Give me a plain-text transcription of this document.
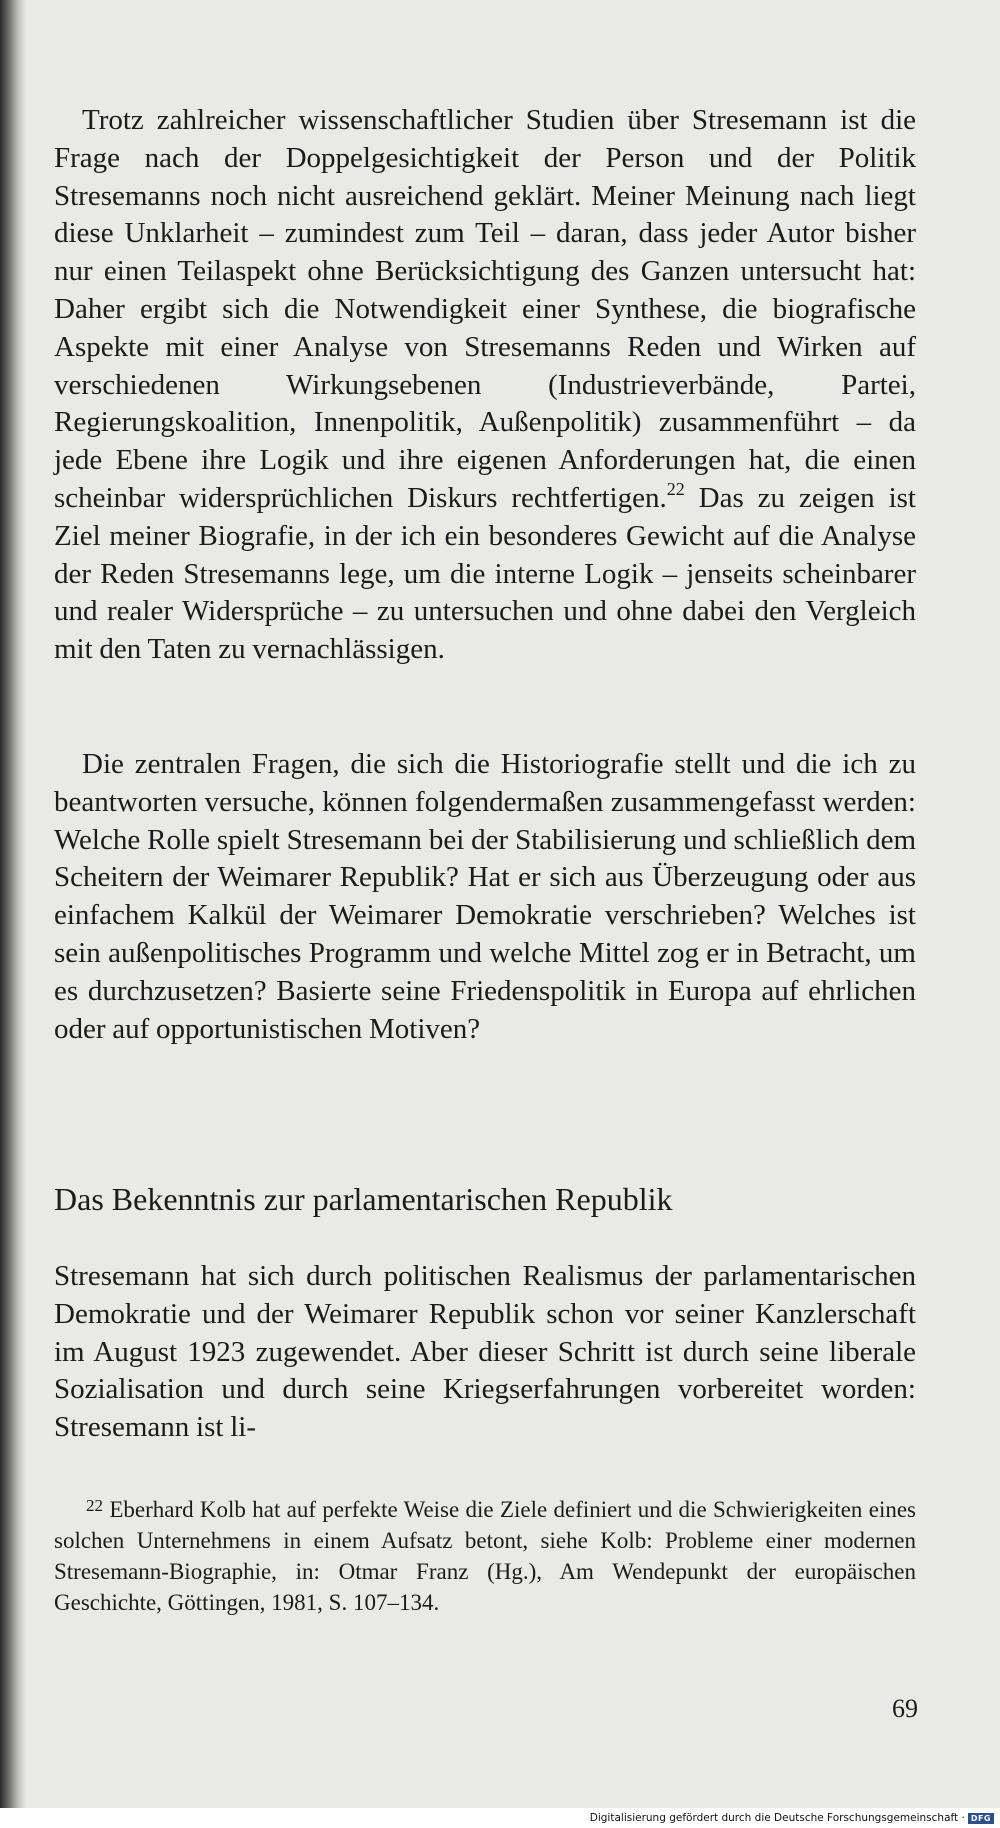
Trotz zahlreicher wissenschaftlicher Studien über Stresemann ist die Frage nach der Doppelgesichtigkeit der Person und der Politik Stresemanns noch nicht ausreichend geklärt. Meiner Meinung nach liegt diese Unklarheit – zumindest zum Teil – daran, dass jeder Autor bisher nur einen Teilaspekt ohne Berücksichtigung des Ganzen untersucht hat: Daher ergibt sich die Notwendigkeit einer Synthese, die biografische Aspekte mit einer Analyse von Stresemanns Reden und Wirken auf verschiedenen Wirkungsebenen (Industrieverbände, Partei, Regierungskoalition, Innenpolitik, Außenpolitik) zusammenführt – da jede Ebene ihre Logik und ihre eigenen Anforderungen hat, die einen scheinbar widersprüchlichen Diskurs rechtfertigen.$^{22}$ Das zu zeigen ist Ziel meiner Biografie, in der ich ein besonderes Gewicht auf die Analyse der Reden Stresemanns lege, um die interne Logik – jenseits scheinbarer und realer Widersprüche – zu untersuchen und ohne dabei den Vergleich mit den Taten zu vernachlässigen.

Die zentralen Fragen, die sich die Historiografie stellt und die ich zu beantworten versuche, können folgendermaßen zusammengefasst werden: Welche Rolle spielt Stresemann bei der Stabilisierung und schließlich dem Scheitern der Weimarer Republik? Hat er sich aus Überzeugung oder aus einfachem Kalkül der Weimarer Demokratie verschrieben? Welches ist sein außenpolitisches Programm und welche Mittel zog er in Betracht, um es durchzusetzen? Basierte seine Friedenspolitik in Europa auf ehrlichen oder auf opportunistischen Motiven?

Das Bekenntnis zur parlamentarischen Republik

Stresemann hat sich durch politischen Realismus der parlamentarischen Demokratie und der Weimarer Republik schon vor seiner Kanzlerschaft im August 1923 zugewendet. Aber dieser Schritt ist durch seine liberale Sozialisation und durch seine Kriegserfahrungen vorbereitet worden: Stresemann ist li-

$^{22}$ Eberhard Kolb hat auf perfekte Weise die Ziele definiert und die Schwierigkeiten eines solchen Unternehmens in einem Aufsatz betont, siehe Kolb: Probleme einer modernen Stresemann-Biographie, in: Otmar Franz (Hg.), Am Wendepunkt der europäischen Geschichte, Göttingen, 1981, S. 107–134.

69
Digitalisierung gefördert durch die Deutsche Forschungsgemeinschaft · DFG
